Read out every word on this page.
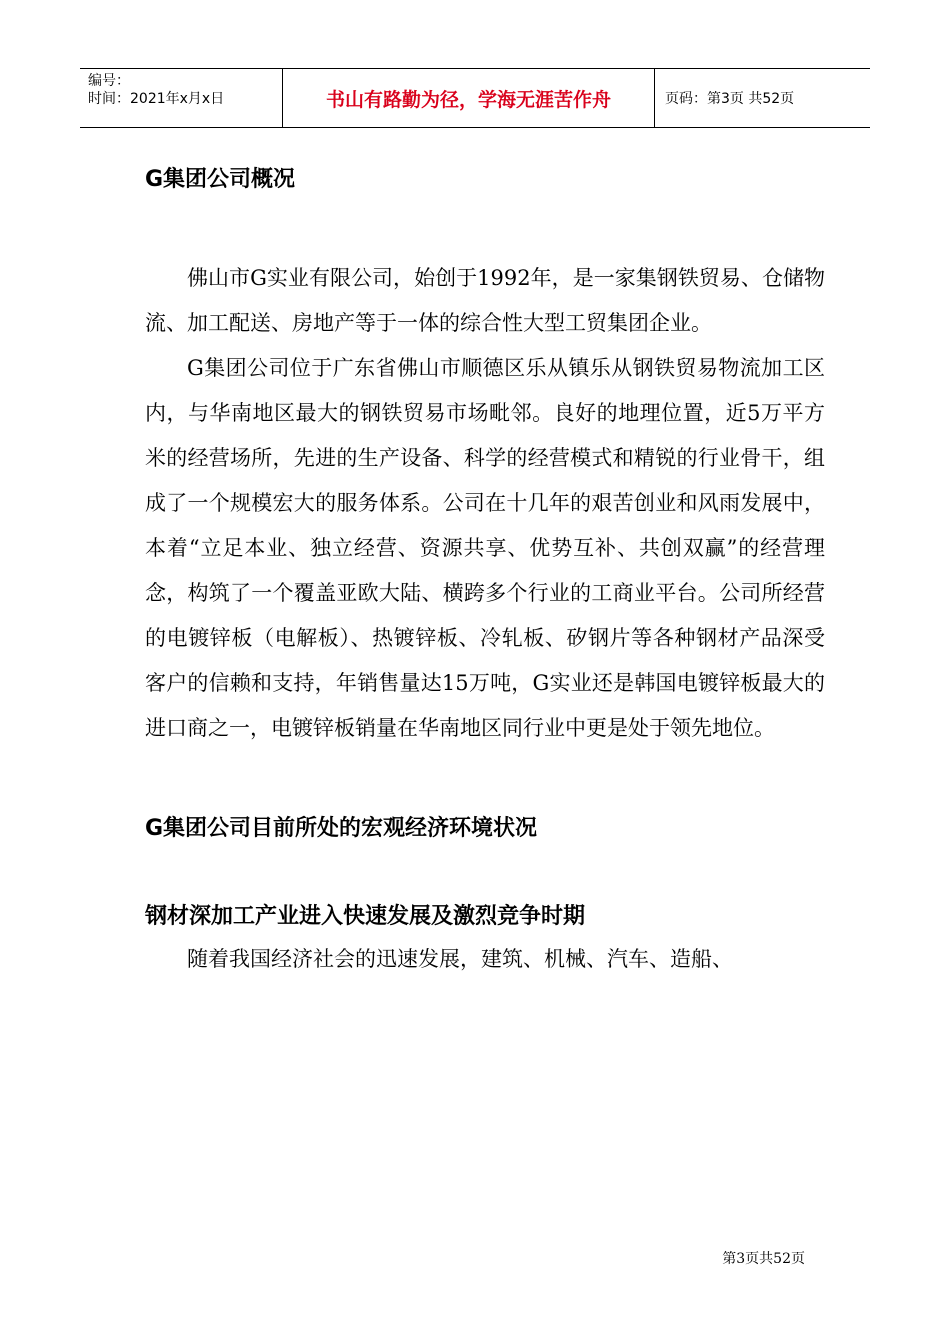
编号：
时间：2021年x月x日	书山有路勤为径，学海无涯苦作舟	页码：第3页 共52页
G集团公司概况

佛山市G实业有限公司，始创于1992年，是一家集钢铁贸易、仓储物流、加工配送、房地产等于一体的综合性大型工贸集团企业。

G集团公司位于广东省佛山市顺德区乐从镇乐从钢铁贸易物流加工区内，与华南地区最大的钢铁贸易市场毗邻。良好的地理位置，近5万平方米的经营场所，先进的生产设备、科学的经营模式和精锐的行业骨干，组成了一个规模宏大的服务体系。公司在十几年的艰苦创业和风雨发展中，本着“立足本业、独立经营、资源共享、优势互补、共创双赢”的经营理念，构筑了一个覆盖亚欧大陆、横跨多个行业的工商业平台。公司所经营的电镀锌板（电解板）、热镀锌板、冷轧板、矽钢片等各种钢材产品深受客户的信赖和支持，年销售量达15万吨，G实业还是韩国电镀锌板最大的进口商之一，电镀锌板销量在华南地区同行业中更是处于领先地位。

G集团公司目前所处的宏观经济环境状况
钢材深加工产业进入快速发展及激烈竞争时期

随着我国经济社会的迅速发展，建筑、机械、汽车、造船、

第3页共52页
